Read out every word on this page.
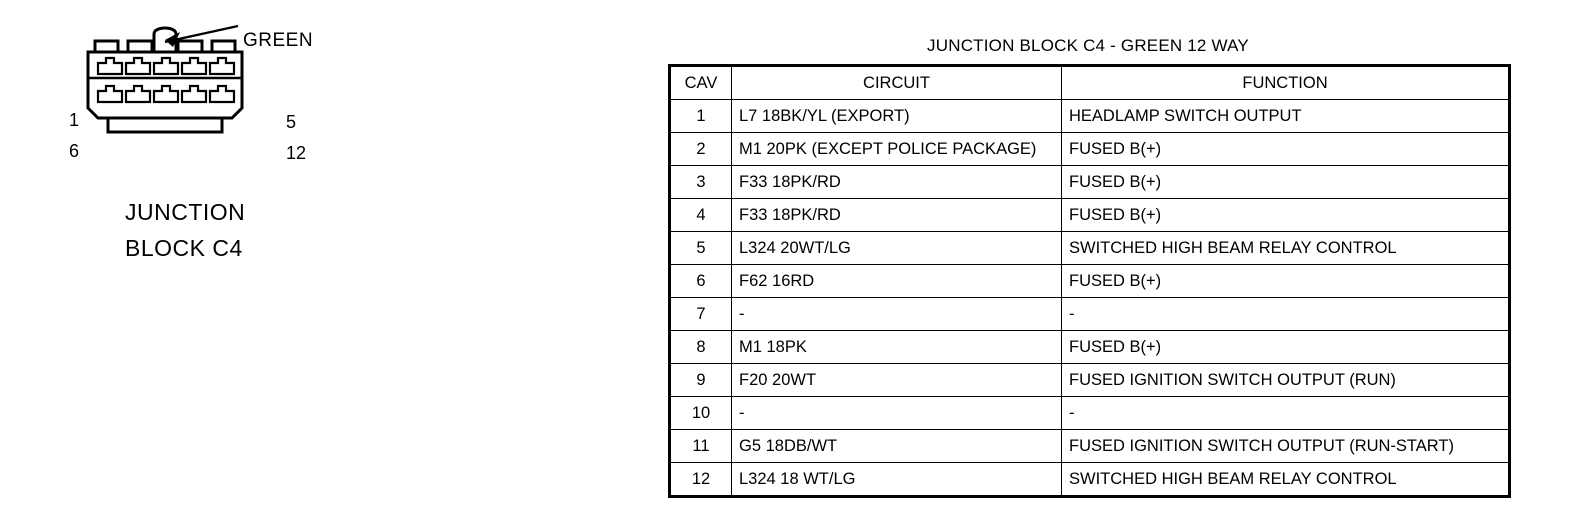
GREEN
1
6
5
12
JUNCTION
BLOCK C4
JUNCTION BLOCK C4 - GREEN 12 WAY
CAV	CIRCUIT	FUNCTION
1	L7 18BK/YL (EXPORT)	HEADLAMP SWITCH OUTPUT
2	M1 20PK (EXCEPT POLICE PACKAGE)	FUSED B(+)
3	F33 18PK/RD	FUSED B(+)
4	F33 18PK/RD	FUSED B(+)
5	L324 20WT/LG	SWITCHED HIGH BEAM RELAY CONTROL
6	F62 16RD	FUSED B(+)
7	-	-
8	M1 18PK	FUSED B(+)
9	F20 20WT	FUSED IGNITION SWITCH OUTPUT (RUN)
10	-	-
11	G5 18DB/WT	FUSED IGNITION SWITCH OUTPUT (RUN-START)
12	L324 18 WT/LG	SWITCHED HIGH BEAM RELAY CONTROL
